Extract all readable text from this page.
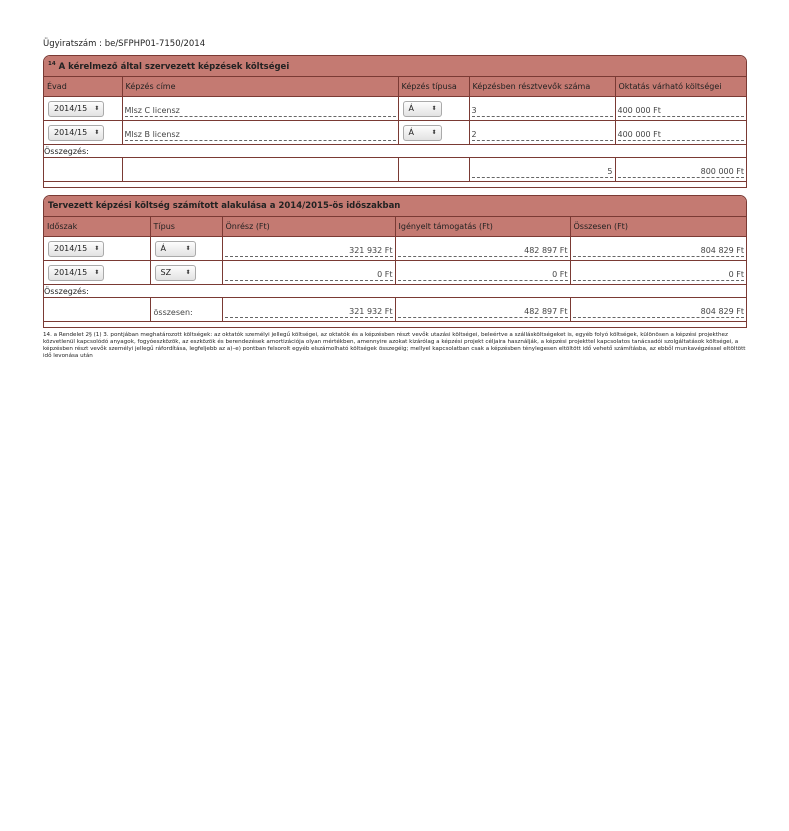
Ügyiratszám : be/SFPHP01-7150/2014
$^{14}$ A kérelmező által szervezett képzések költségei
Évad	Képzés címe	Képzés típusa	Képzésben résztvevők száma	Oktatás várható költségei
2014/15 ⬍	Mlsz C licensz	Á ⬍	3	400 000 Ft

2014/15 ⬍	Mlsz B licensz	Á ⬍	2	400 000 Ft

Összegzés:				

			5	800 000 Ft
Tervezett képzési költség számított alakulása a 2014/2015-ös időszakban
Időszak	Típus	Önrész (Ft)	Igényelt támogatás (Ft)	Összesen (Ft)
2014/15 ⬍	Á ⬍	321 932 Ft	482 897 Ft	804 829 Ft

2014/15 ⬍	SZ ⬍	0 Ft	0 Ft	0 Ft

Összegzés:				

	összesen:	321 932 Ft	482 897 Ft	804 829 Ft
14. a Rendelet 2§ (1) 3. pontjában meghatározott költségek: az oktatók személyi jellegű költségei, az oktatók és a képzésben részt vevők utazási költségei, beleértve a szállásköltségeket is, egyéb folyó költségek, különösen a képzési projekthez közvetlenül kapcsolódó anyagok, fogyóeszközök, az eszközök és berendezések amortizációja olyan mértékben, amennyire azokat kizárólag a képzési projekt céljaira használják, a képzési projekttel kapcsolatos tanácsadói szolgáltatások költségei, a képzésben részt vevők személyi jellegű ráfordítása, legfeljebb az a)–e) pontban felsorolt egyéb elszámolható költségek összegéig; mellyel kapcsolatban csak a képzésben ténylegesen eltöltött idő vehető számításba, az ebből munkavégzéssel eltöltött idő levonása után
